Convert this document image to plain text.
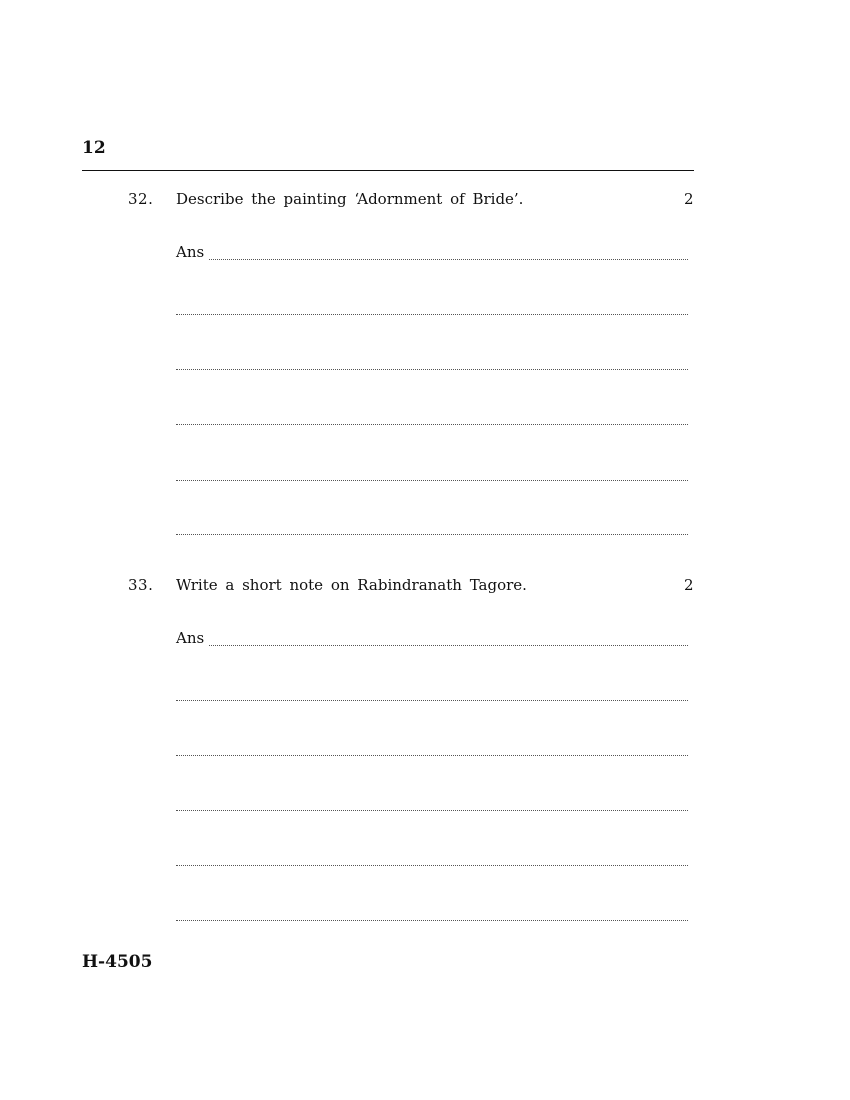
12
32. Describe the painting ‘Adornment of Bride’.	2
Ans
33. Write a short note on Rabindranath Tagore.	2
Ans
H-4505
